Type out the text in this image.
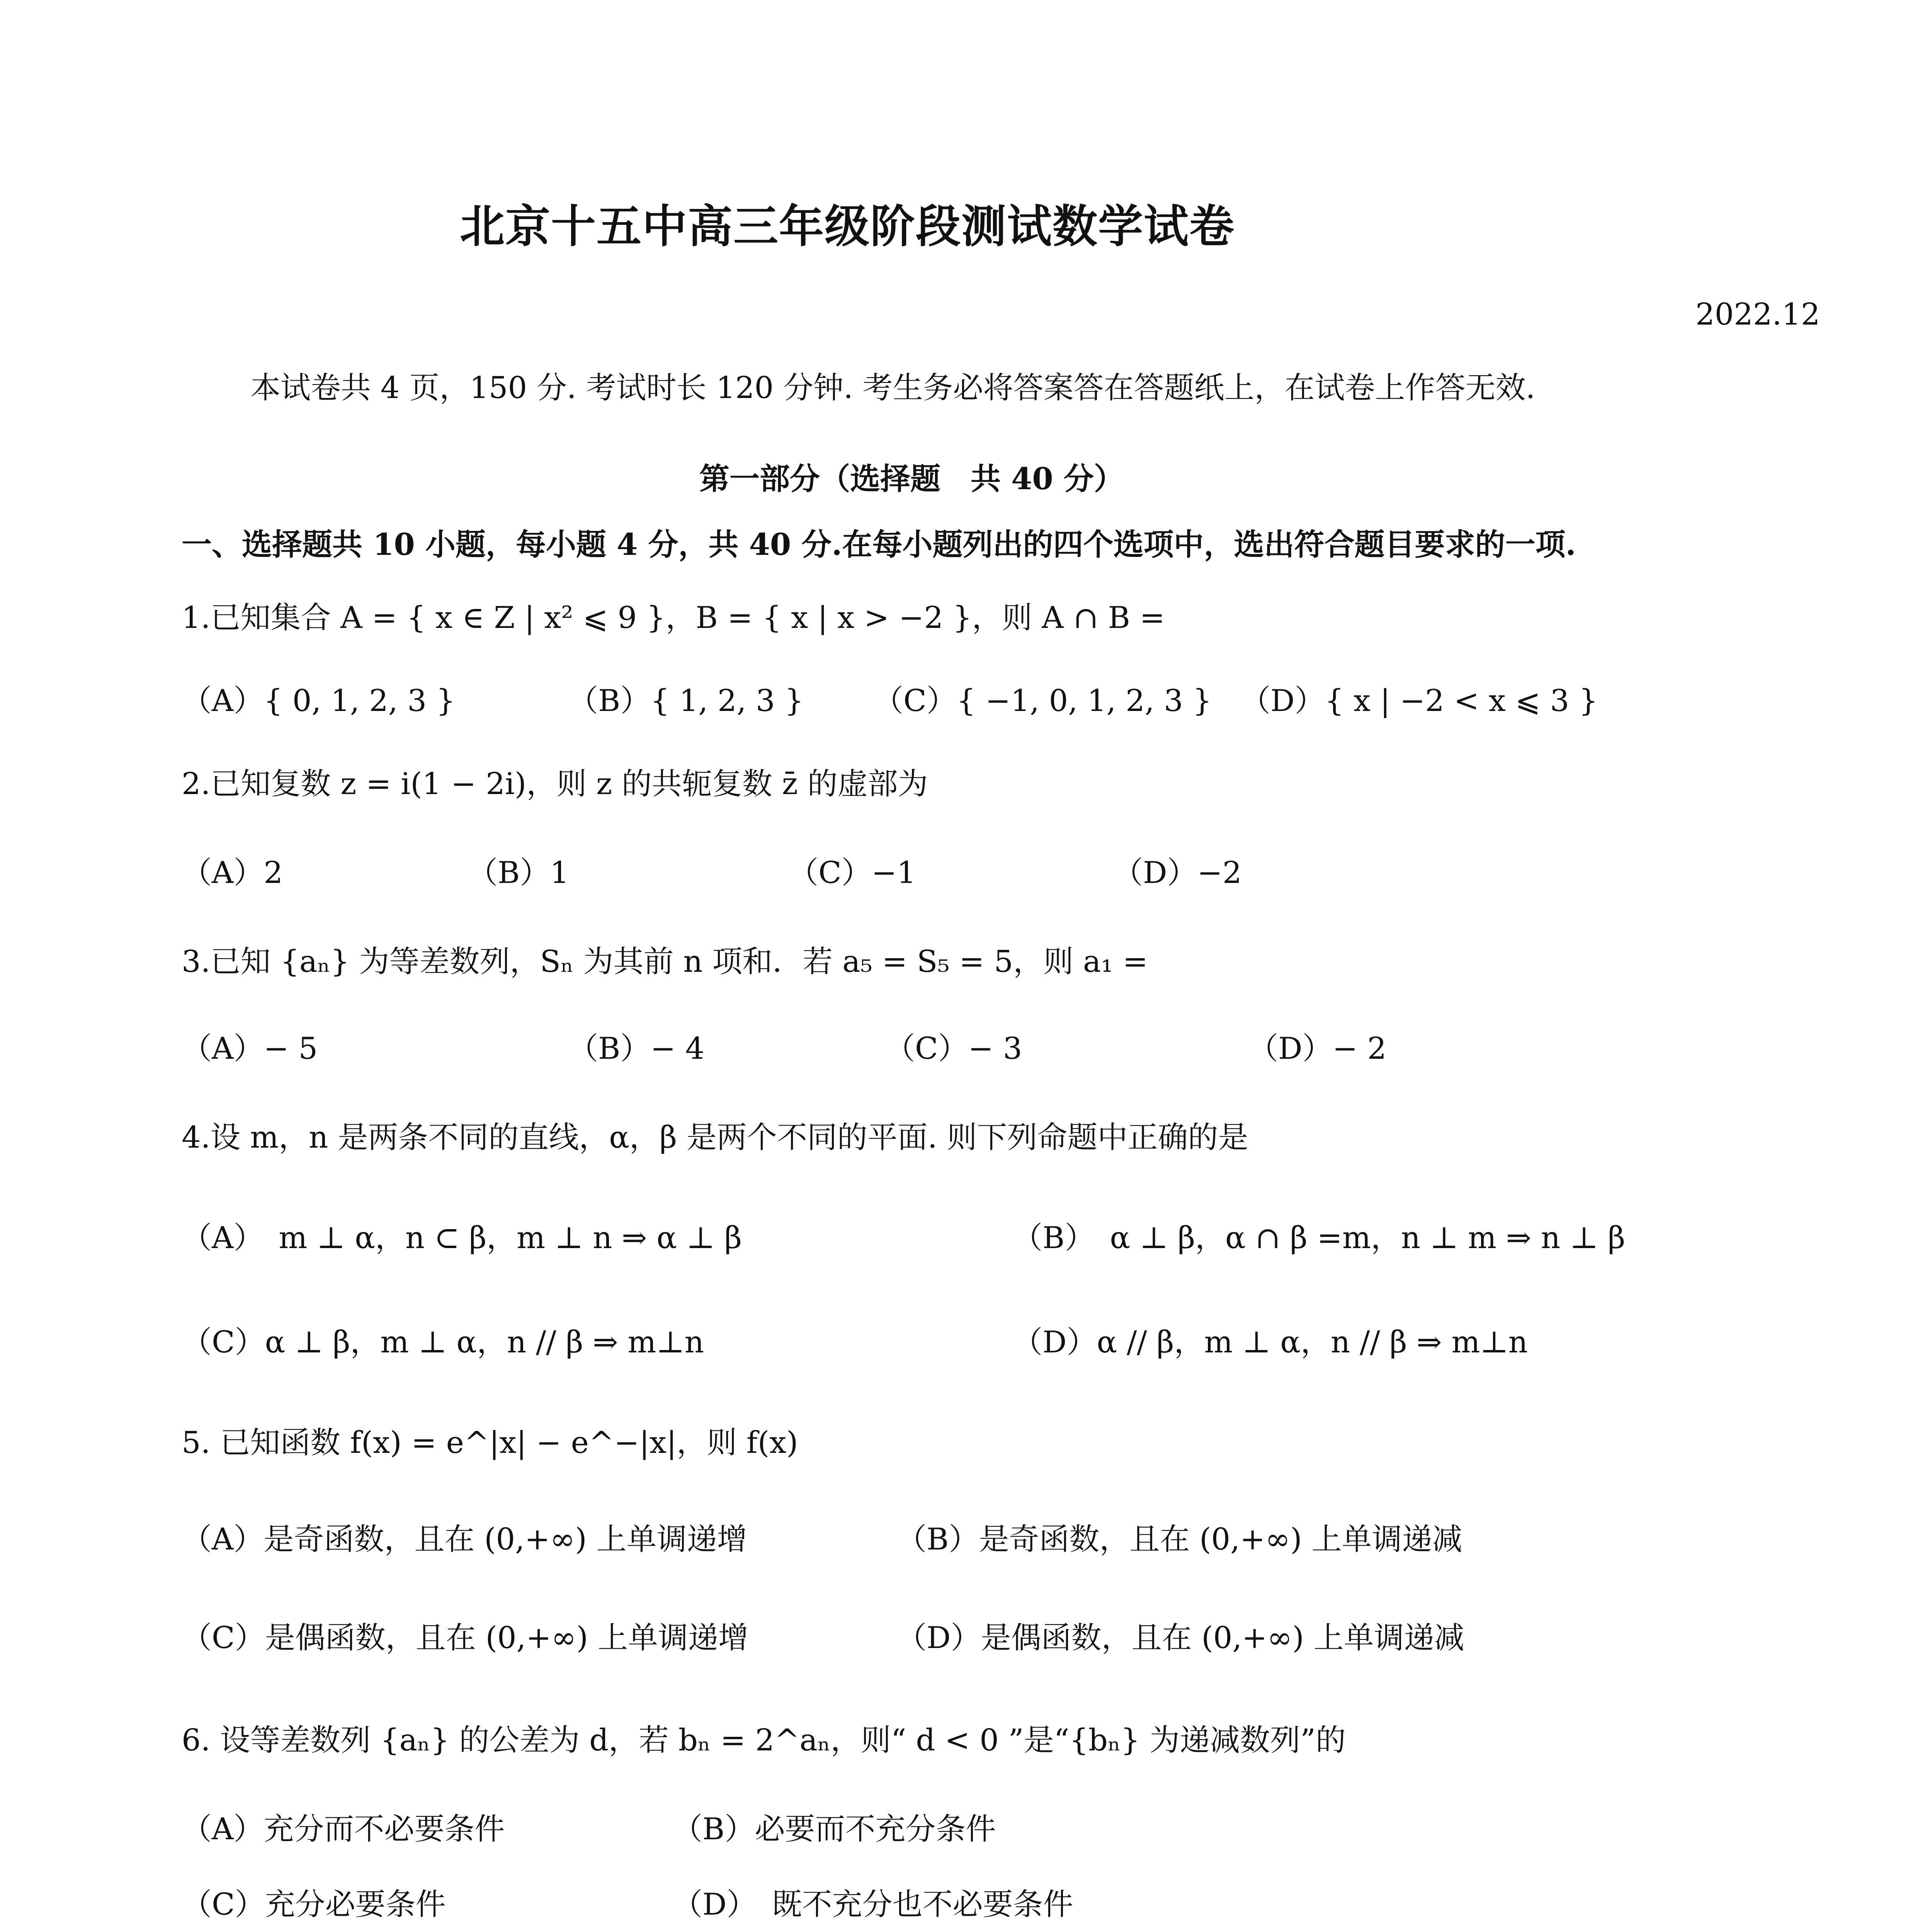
北京十五中高三年级阶段测试数学试卷
2022.12
本试卷共 4 页，150 分. 考试时长 120 分钟. 考生务必将答案答在答题纸上，在试卷上作答无效.
第一部分（选择题　共 40 分）
一、选择题共 10 小题，每小题 4 分，共 40 分.在每小题列出的四个选项中，选出符合题目要求的一项.
1.已知集合 A = { x ∈ Z | x² ⩽ 9 }，B = { x | x > −2 }，则 A ∩ B =
（A）{ 0, 1, 2, 3 }	（B）{ 1, 2, 3 } （C）{ −1, 0, 1, 2, 3 } （D）{ x | −2 < x ⩽ 3 }
2.已知复数 z = i(1 − 2i)，则 z 的共轭复数 z̄ 的虚部为
（A）2	（B）1	（C）−1	（D）−2
3.已知 {aₙ} 为等差数列，Sₙ 为其前 n 项和．若 a₅ = S₅ = 5，则 a₁ =
（A）− 5	（B）− 4	（C）− 3	（D）− 2
4.设 m，n 是两条不同的直线，α，β 是两个不同的平面. 则下列命题中正确的是
（A）　m ⊥ α，n ⊂ β，m ⊥ n ⇒ α ⊥ β	（B）　α ⊥ β，α ∩ β =m，n ⊥ m ⇒ n ⊥ β
（C）α ⊥ β，m ⊥ α，n // β ⇒ m⊥n	（D）α // β，m ⊥ α，n // β ⇒ m⊥n
5. 已知函数 f(x) = e^|x| − e^−|x|，则 f(x)
（A）是奇函数，且在 (0,+∞) 上单调递增	（B）是奇函数，且在 (0,+∞) 上单调递减
（C）是偶函数，且在 (0,+∞) 上单调递增	（D）是偶函数，且在 (0,+∞) 上单调递减
6. 设等差数列 {aₙ} 的公差为 d，若 bₙ = 2^aₙ，则“ d < 0 ”是“{bₙ} 为递减数列”的
（A）充分而不必要条件	（B）必要而不充分条件
（C）充分必要条件	（D）　既不充分也不必要条件
